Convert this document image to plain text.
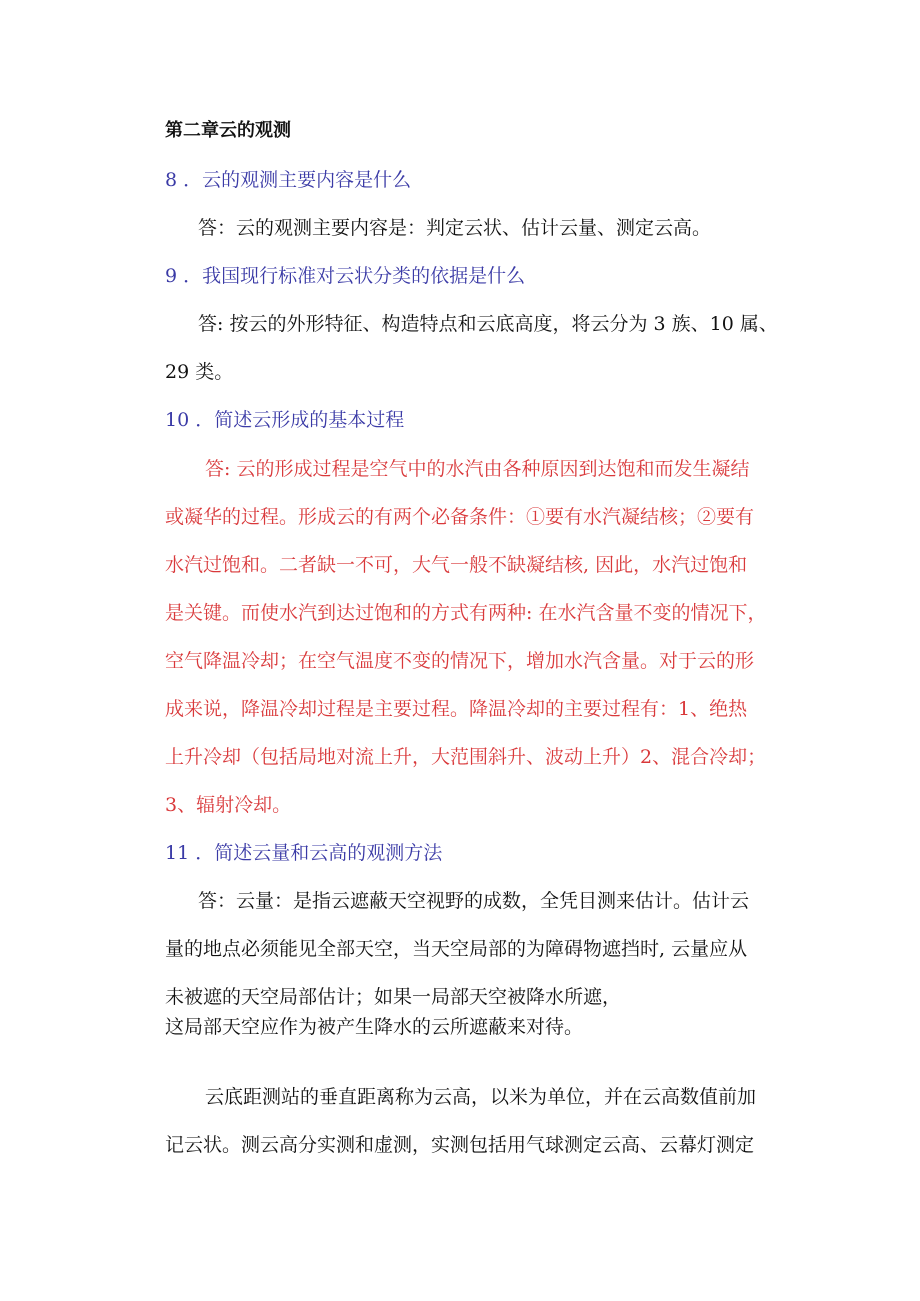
第二章云的观测
8 ．云的观测主要内容是什么
答：云的观测主要内容是：判定云状、估计云量、测定云高。
9 ．我国现行标准对云状分类的依据是什么
答: 按云的外形特征、构造特点和云底高度，将云分为 3 族、10 属、
29 类。
10 ．简述云形成的基本过程
答: 云的形成过程是空气中的水汽由各种原因到达饱和而发生凝结
或凝华的过程。形成云的有两个必备条件：①要有水汽凝结核；②要有
水汽过饱和。二者缺一不可，大气一般不缺凝结核, 因此，水汽过饱和
是关键。而使水汽到达过饱和的方式有两种: 在水汽含量不变的情况下，
空气降温冷却；在空气温度不变的情况下，增加水汽含量。对于云的形
成来说，降温冷却过程是主要过程。降温冷却的主要过程有：1、绝热
上升冷却（包括局地对流上升，大范围斜升、波动上升）2、混合冷却；
3、辐射冷却。
11 ．简述云量和云高的观测方法
答：云量：是指云遮蔽天空视野的成数，全凭目测来估计。估计云
量的地点必须能见全部天空，当天空局部的为障碍物遮挡时, 云量应从
未被遮的天空局部估计；如果一局部天空被降水所遮，
这局部天空应作为被产生降水的云所遮蔽来对待。
云底距测站的垂直距离称为云高，以米为单位，并在云高数值前加
记云状。测云高分实测和虚测，实测包括用气球测定云高、云幕灯测定
